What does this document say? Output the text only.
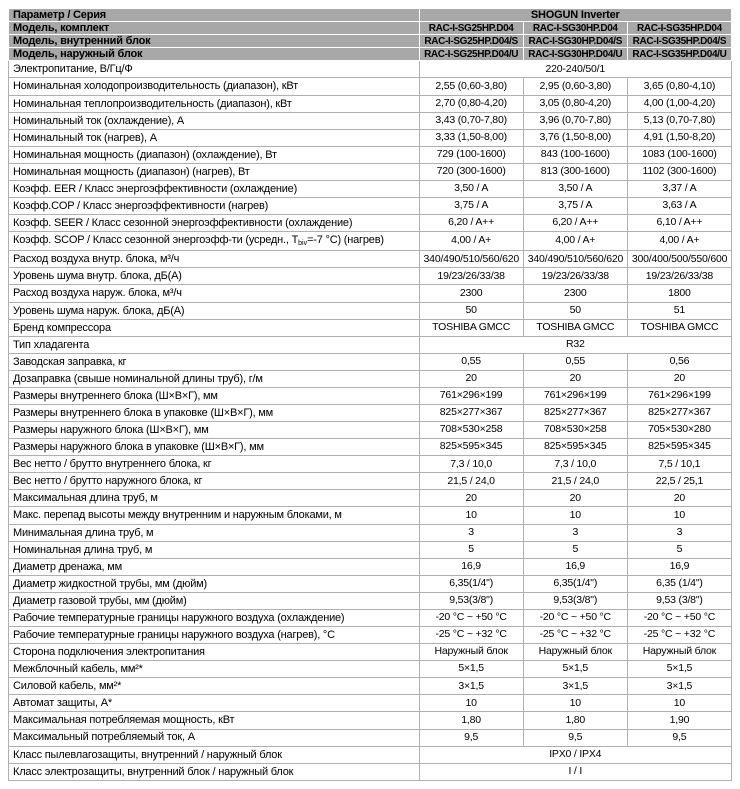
Параметр / Серия	SHOGUN Inverter		
Модель, комплект	RAC-I-SG25HP.D04	RAC-I-SG30HP.D04	RAC-I-SG35HP.D04
Модель, внутренний блок	RAC-I-SG25HP.D04/S	RAC-I-SG30HP.D04/S	RAC-I-SG35HP.D04/S
Модель, наружный блок	RAC-I-SG25HP.D04/U	RAC-I-SG30HP.D04/U	RAC-I-SG35HP.D04/U
Электропитание, В/Гц/Ф	220-240/50/1		
Номинальная холодопроизводительность (диапазон), кВт	2,55 (0,60-3,80)	2,95 (0,60-3,80)	3,65 (0,80-4,10)
Номинальная теплопроизводительность (диапазон), кВт	2,70 (0,80-4,20)	3,05 (0,80-4,20)	4,00 (1,00-4,20)
Номинальный ток (охлаждение), А	3,43 (0,70-7,80)	3,96 (0,70-7,80)	5,13 (0,70-7,80)
Номинальный ток (нагрев), А	3,33 (1,50-8,00)	3,76 (1,50-8,00)	4,91 (1,50-8,20)
Номинальная мощность (диапазон) (охлаждение), Вт	729 (100-1600)	843 (100-1600)	1083 (100-1600)
Номинальная мощность (диапазон) (нагрев), Вт	720 (300-1600)	813 (300-1600)	1102 (300-1600)
Коэфф. EER / Класс энергоэффективности (охлаждение)	3,50 / A	3,50 / A	3,37 / A
Коэфф.COP / Класс энергоэффективности (нагрев)	3,75 / A	3,75 / A	3,63 / A
Коэфф. SEER / Класс сезонной энергоэффективности (охлаждение)	6,20 / A++	6,20 / A++	6,10 / A++
Коэфф. SCOP / Класс сезонной энергоэфф-ти (усредн., $T_{biv}=-7$ °C) (нагрев)	4,00 / A+	4,00 / A+	4,00 / A+
Расход воздуха внутр. блока, м³/ч	340/490/510/560/620	340/490/510/560/620	300/400/500/550/600
Уровень шума внутр. блока, дБ(А)	19/23/26/33/38	19/23/26/33/38	19/23/26/33/38
Расход воздуха наруж. блока, м³/ч	2300	2300	1800
Уровень шума наруж. блока, дБ(А)	50	50	51
Бренд компрессора	TOSHIBA GMCC	TOSHIBA GMCC	TOSHIBA GMCC
Тип хладагента	R32		
Заводская заправка, кг	0,55	0,55	0,56
Дозаправка (свыше номинальной длины труб), г/м	20	20	20
Размеры внутреннего блока (Ш×В×Г), мм	761×296×199	761×296×199	761×296×199
Размеры внутреннего блока в упаковке (Ш×В×Г), мм	825×277×367	825×277×367	825×277×367
Размеры наружного блока (Ш×В×Г), мм	708×530×258	708×530×258	705×530×280
Размеры наружного блока в упаковке (Ш×В×Г), мм	825×595×345	825×595×345	825×595×345
Вес нетто / брутто внутреннего блока, кг	7,3 / 10,0	7,3 / 10,0	7,5 / 10,1
Вес нетто / брутто наружного блока, кг	21,5 / 24,0	21,5 / 24,0	22,5 / 25,1
Максимальная длина труб, м	20	20	20
Макс. перепад высоты между внутренним и наружным блоками, м	10	10	10
Минимальная длина труб, м	3	3	3
Номинальная длина труб, м	5	5	5
Диаметр дренажа, мм	16,9	16,9	16,9
Диаметр жидкостной трубы, мм (дюйм)	6,35(1/4")	6,35(1/4")	6,35 (1/4")
Диаметр газовой трубы, мм (дюйм)	9,53(3/8")	9,53(3/8")	9,53 (3/8")
Рабочие температурные границы наружного воздуха (охлаждение)	-20 °C ~ +50 °C	-20 °C ~ +50 °C	-20 °C ~ +50 °C
Рабочие температурные границы наружного воздуха (нагрев), °C	-25 °C ~ +32 °C	-25 °C ~ +32 °C	-25 °C ~ +32 °C
Сторона подключения электропитания	Наружный блок	Наружный блок	Наружный блок
Межблочный кабель, мм²*	5×1,5	5×1,5	5×1,5
Силовой кабель, мм²*	3×1,5	3×1,5	3×1,5
Автомат защиты, А*	10	10	10
Максимальная потребляемая мощность, кВт	1,80	1,80	1,90
Максимальный потребляемый ток, А	9,5	9,5	9,5
Класс пылевлагозащиты, внутренний / наружный блок	IPX0 / IPX4		
Класс электрозащиты, внутренний блок / наружный блок	I / I		
